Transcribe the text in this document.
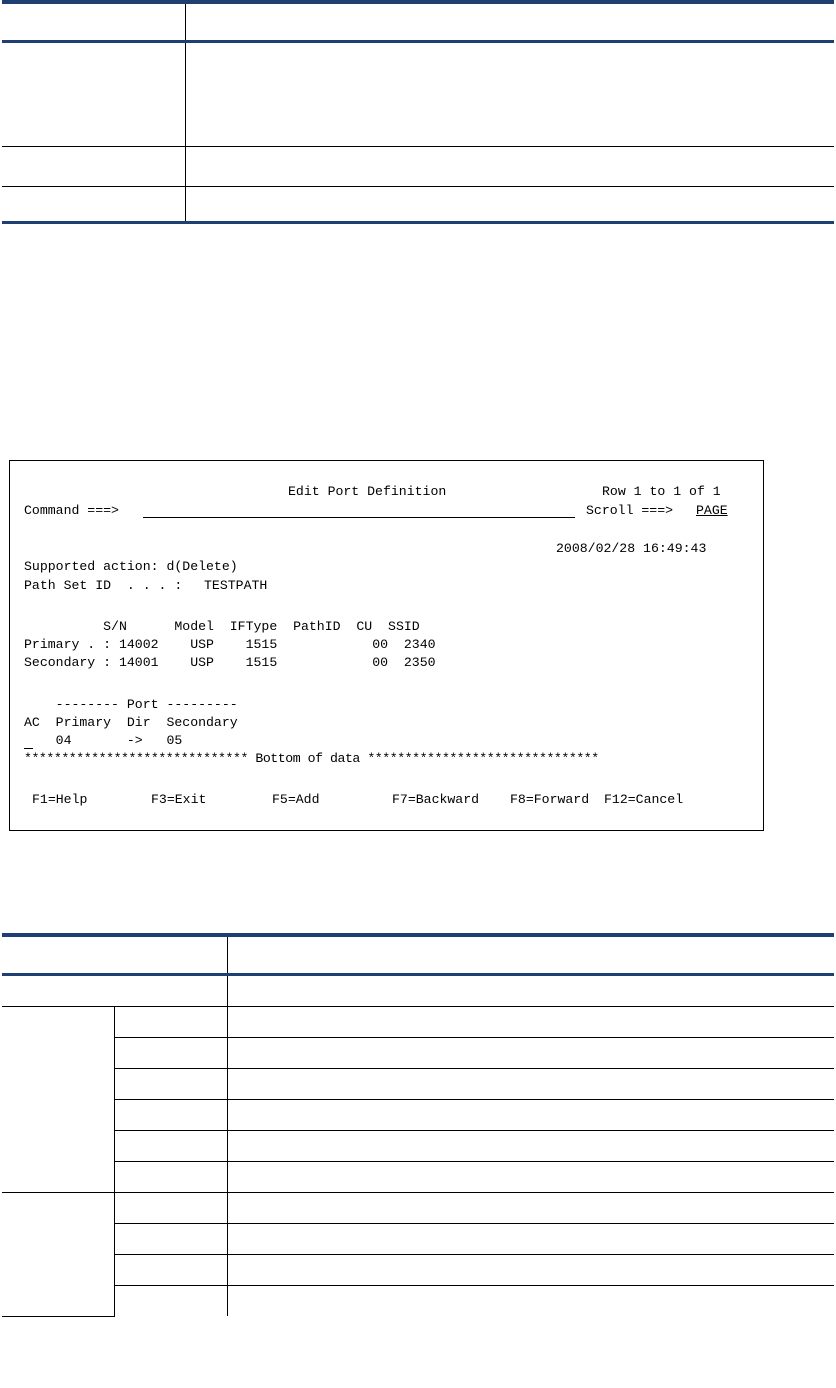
Edit Port Definition	Row 1 to 1 of 1
Command ===>	Scroll ===> PAGE
2008/02/28 16:49:43
Supported action: d(Delete)
Path Set ID  . . . : TESTPATH
S/N      Model  IFType  PathID  CU  SSID
Primary . : 14002    USP    1515            00  2340
Secondary : 14001    USP    1515            00  2350
-------- Port ---------
AC  Primary  Dir  Secondary
04       ->   05
****************************** Bottom of data *******************************
F1=Help	F3=Exit	F5=Add	F7=Backward F8=Forward F12=Cancel
